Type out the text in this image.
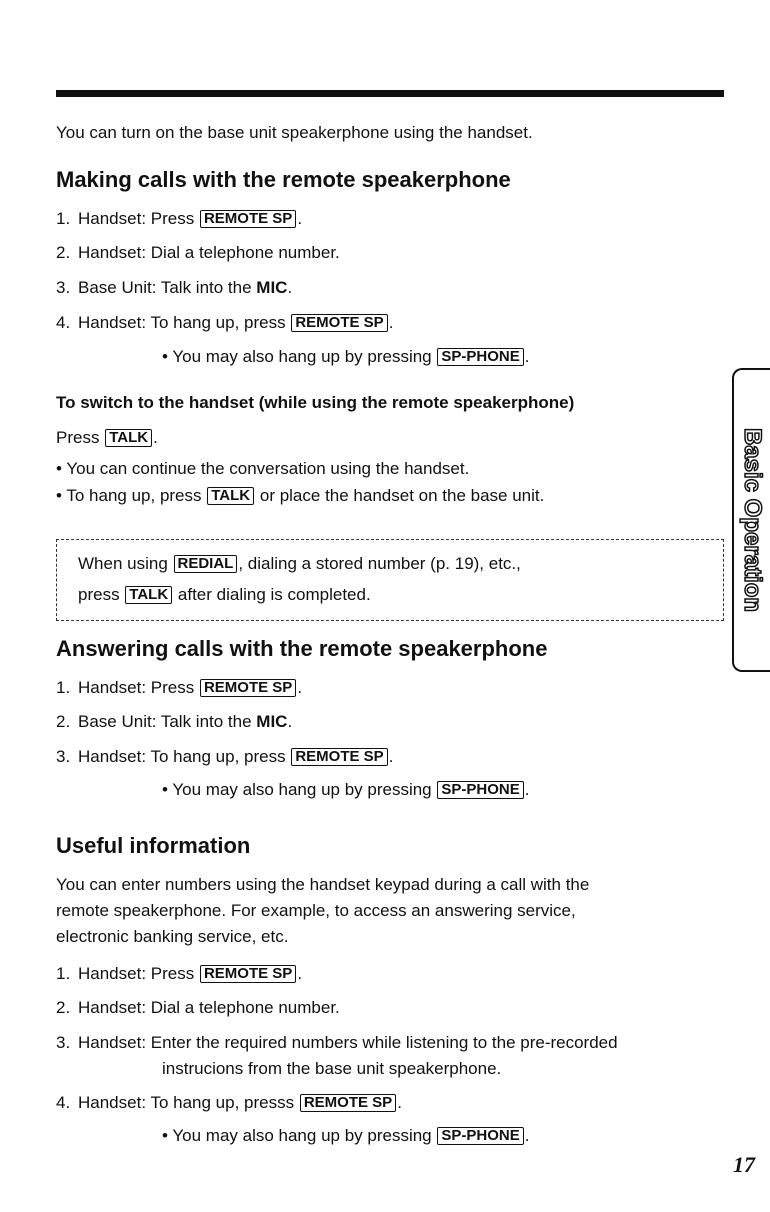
You can turn on the base unit speakerphone using the handset.
Making calls with the remote speakerphone
1. Handset: Press REMOTE SP .
2. Handset: Dial a telephone number.
3. Base Unit: Talk into the MIC.
4. Handset: To hang up, press REMOTE SP .
• You may also hang up by pressing SP-PHONE .
To switch to the handset (while using the remote speakerphone)
Press TALK .
• You can continue the conversation using the handset.
• To hang up, press TALK or place the handset on the base unit.
When using REDIAL , dialing a stored number (p. 19), etc.,
press TALK after dialing is completed.
Answering calls with the remote speakerphone
1. Handset: Press REMOTE SP .
2. Base Unit: Talk into the MIC.
3. Handset: To hang up, press REMOTE SP .
• You may also hang up by pressing SP-PHONE .
Useful information
You can enter numbers using the handset keypad during a call with the
remote speakerphone. For example, to access an answering service,
electronic banking service, etc.
1. Handset: Press REMOTE SP .
2. Handset: Dial a telephone number.
3. Handset: Enter the required numbers while listening to the pre-recorded
instrucions from the base unit speakerphone.
4. Handset: To hang up, presss REMOTE SP .
• You may also hang up by pressing SP-PHONE .
Basic Operation
17
